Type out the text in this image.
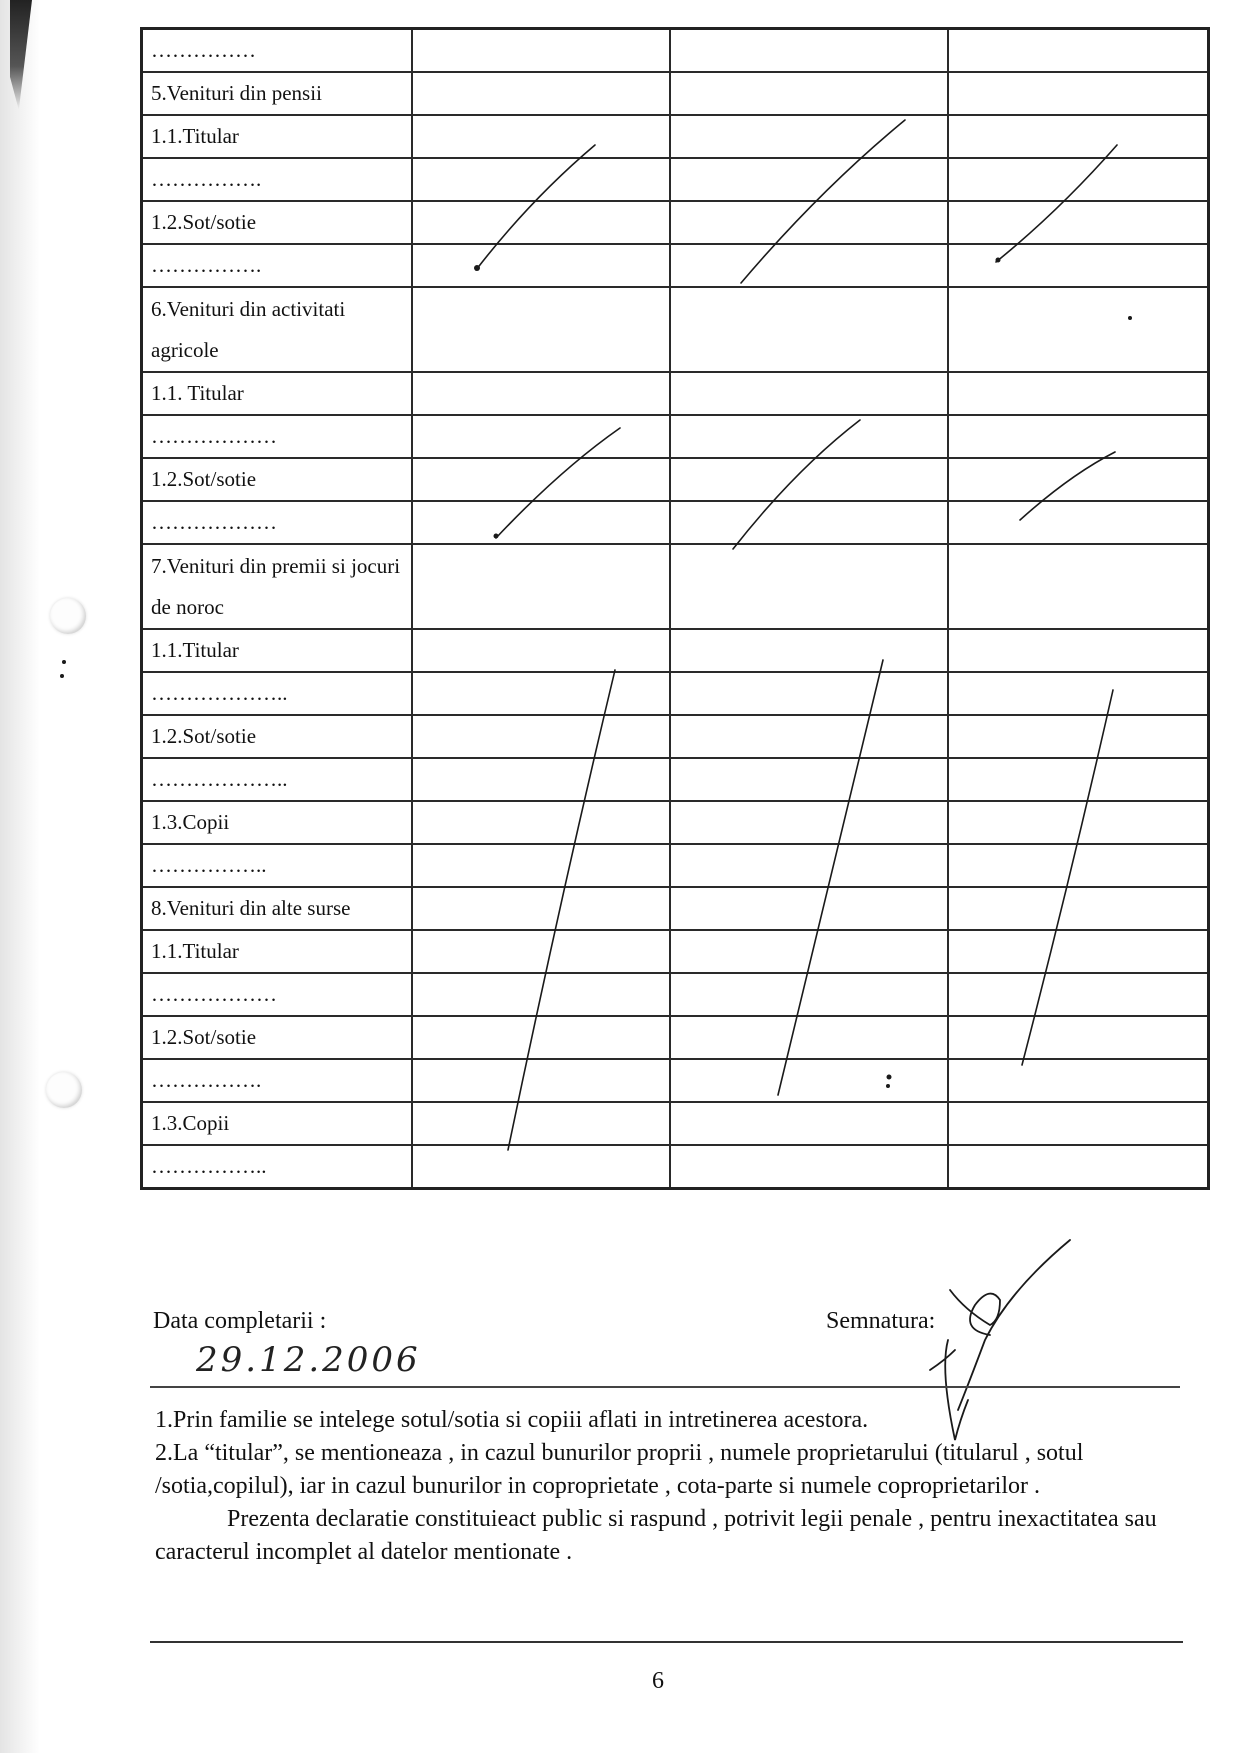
……………			
5.Venituri din pensii			
1.1.Titular			
…………….			
1.2.Sot/sotie			
…………….			
6.Venituri din activitati agricole			
1.1. Titular			
………………			
1.2.Sot/sotie			
………………			
7.Venituri din premii si jocuri de noroc			
1.1.Titular			
………………..			
1.2.Sot/sotie			
………………..			
1.3.Copii			
……………..			
8.Venituri din alte surse			
1.1.Titular			
………………			
1.2.Sot/sotie			
…………….			
1.3.Copii			
……………..			
Data completarii :
29.12.2006
Semnatura:

1.Prin familie se intelege sotul/sotia si copiii aflati in intretinerea acestora.

2.La “titular”, se mentioneaza , in cazul bunurilor proprii , numele proprietarului (titularul , sotul /sotia,copilul), iar in cazul bunurilor in coproprietate , cota-parte si numele coproprietarilor .

Prezenta declaratie constituieact public si raspund , potrivit legii penale , pentru inexactitatea sau caracterul incomplet al datelor mentionate .

6
